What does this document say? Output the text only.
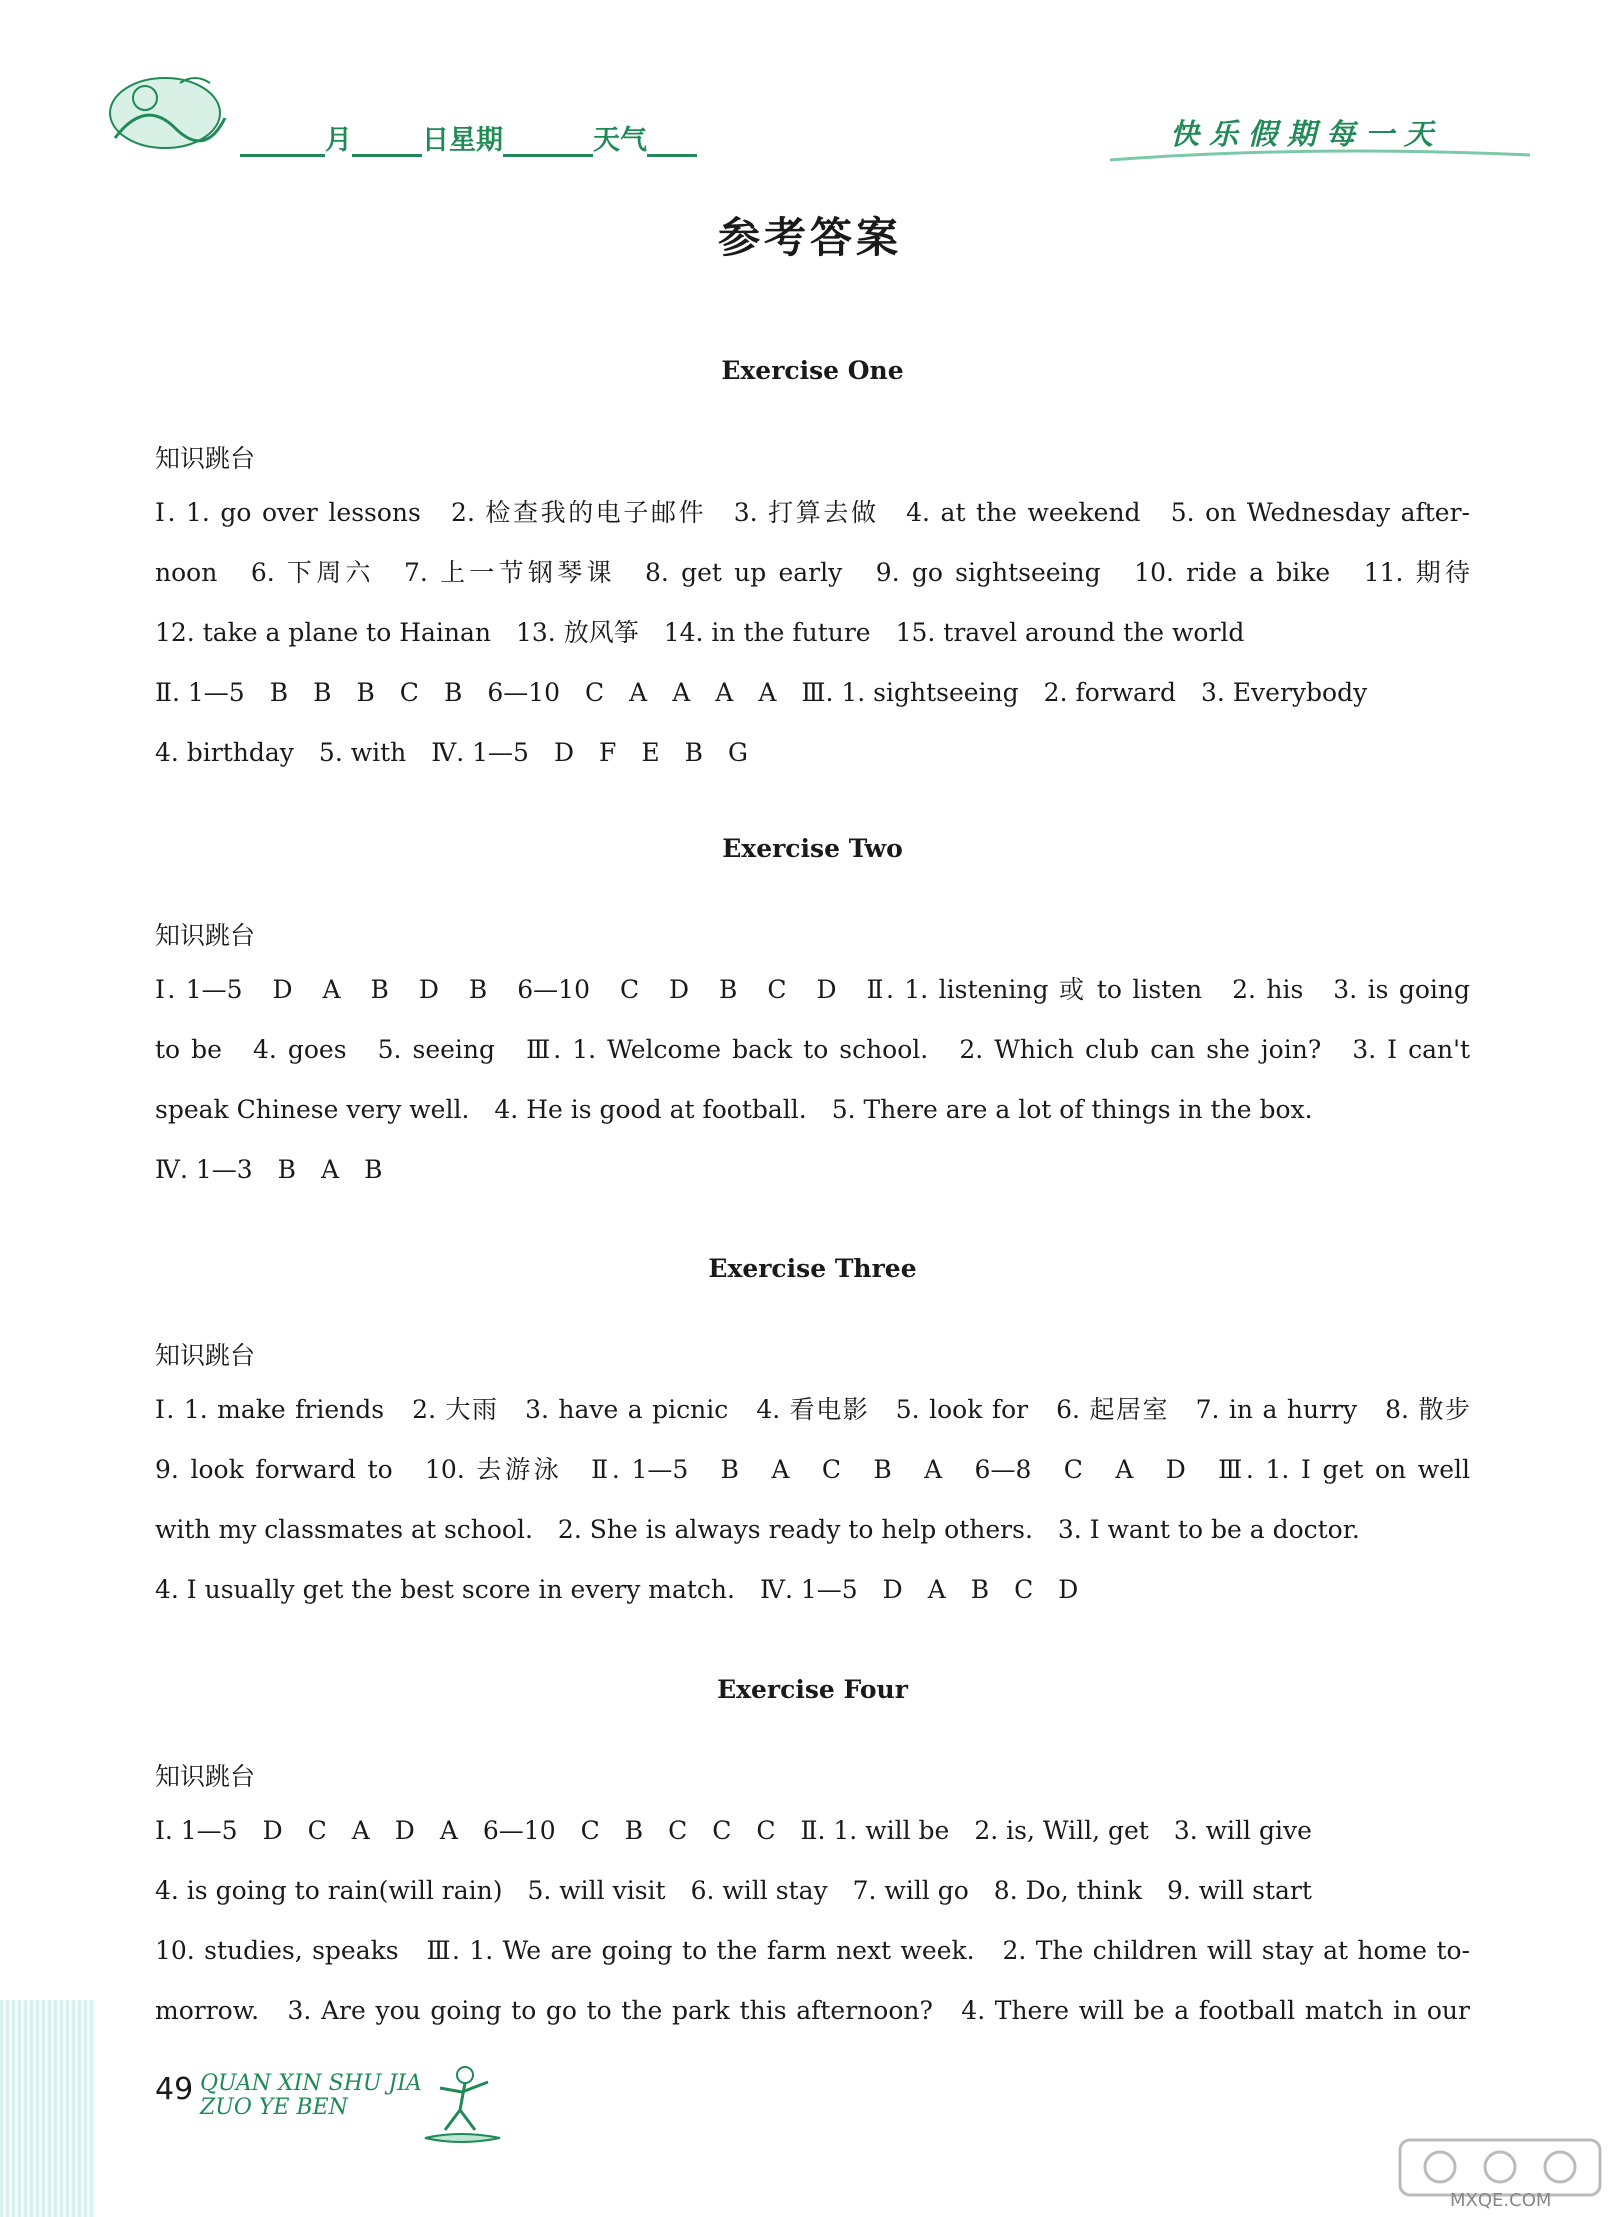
月	日星期	天气	快乐假期每一天
参考答案
Exercise One
知识跳台
Ⅰ. 1. go over lessons　2. 检查我的电子邮件　3. 打算去做　4. at the weekend　5. on Wednesday after-
noon　6. 下周六　7. 上一节钢琴课　8. get up early　9. go sightseeing　10. ride a bike　11. 期待
12. take a plane to Hainan　13. 放风筝　14. in the future　15. travel around the world
Ⅱ. 1—5　B　B　B　C　B　6—10　C　A　A　A　A　Ⅲ. 1. sightseeing　2. forward　3. Everybody
4. birthday　5. with　Ⅳ. 1—5　D　F　E　B　G
Exercise Two
知识跳台
Ⅰ. 1—5　D　A　B　D　B　6—10　C　D　B　C　D　Ⅱ. 1. listening 或 to listen　2. his　3. is going
to be　4. goes　5. seeing　Ⅲ. 1. Welcome back to school.　2. Which club can she join?　3. I can't
speak Chinese very well.　4. He is good at football.　5. There are a lot of things in the box.
Ⅳ. 1—3　B　A　B
Exercise Three
知识跳台
Ⅰ. 1. make friends　2. 大雨　3. have a picnic　4. 看电影　5. look for　6. 起居室　7. in a hurry　8. 散步
9. look forward to　10. 去游泳　Ⅱ. 1—5　B　A　C　B　A　6—8　C　A　D　Ⅲ. 1. I get on well
with my classmates at school.　2. She is always ready to help others.　3. I want to be a doctor.
4. I usually get the best score in every match.　Ⅳ. 1—5　D　A　B　C　D
Exercise Four
知识跳台
Ⅰ. 1—5　D　C　A　D　A　6—10　C　B　C　C　C　Ⅱ. 1. will be　2. is, Will, get　3. will give
4. is going to rain(will rain)　5. will visit　6. will stay　7. will go　8. Do, think　9. will start
10. studies, speaks　Ⅲ. 1. We are going to the farm next week.　2. The children will stay at home to-
morrow.　3. Are you going to go to the park this afternoon?　4. There will be a football match in our
49 QUAN XIN SHU JIA
ZUO YE BEN
MXQE.COM
